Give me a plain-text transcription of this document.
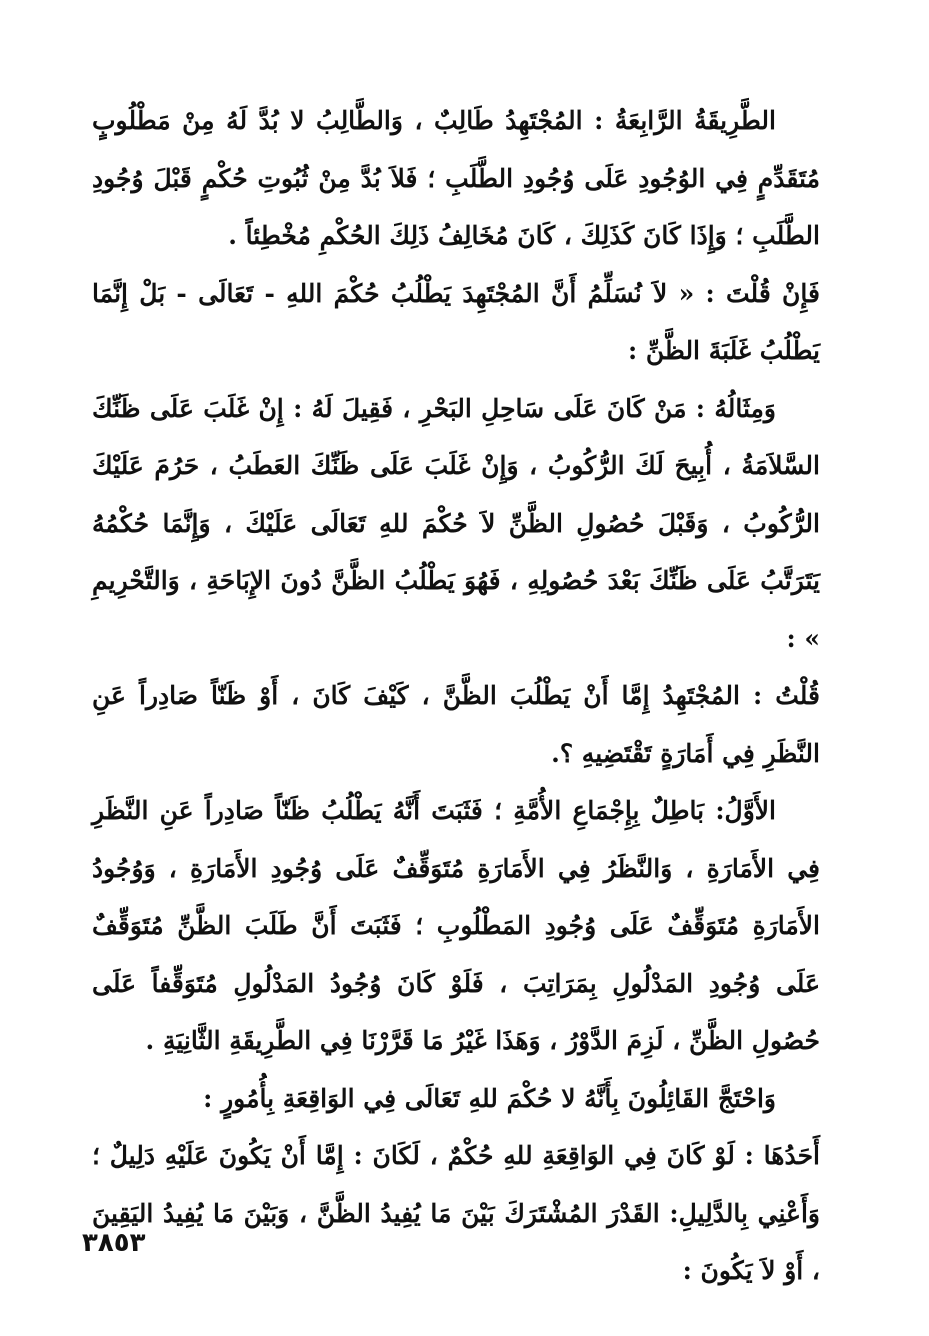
الطَّرِيقَةُ الرَّابِعَةُ : المُجْتَهِدُ طَالِبٌ ، وَالطَّالِبُ لا بُدَّ لَهُ مِنْ مَطْلُوبٍ مُتَقَدِّمٍ فِي الوُجُودِ عَلَى وُجُودِ الطَّلَبِ ؛ فَلاَ بُدَّ مِنْ ثُبُوتِ حُكْمٍ قَبْلَ وُجُودِ الطَّلَبِ ؛ وَإِذَا كَانَ كَذَلِكَ ، كَانَ مُخَالِفُ ذَلِكَ الحُكْمِ مُخْطِئاً .

فَإِنْ قُلْتَ : « لاَ نُسَلِّمُ أَنَّ المُجْتَهِدَ يَطْلُبُ حُكْمَ اللهِ - تَعَالَى - بَلْ إِنَّمَا يَطْلُبُ غَلَبَةَ الظَّنِّ :

وَمِثَالُهُ : مَنْ كَانَ عَلَى سَاحِلِ البَحْرِ ، فَقِيلَ لَهُ : إِنْ غَلَبَ عَلَى ظَنِّكَ السَّلاَمَةُ ، أُبِيحَ لَكَ الرُّكُوبُ ، وَإِنْ غَلَبَ عَلَى ظَنِّكَ العَطَبُ ، حَرُمَ عَلَيْكَ الرُّكُوبُ ، وَقَبْلَ حُصُولِ الظَّنِّ لاَ حُكْمَ للهِ تَعَالَى عَلَيْكَ ، وَإِنَّمَا حُكْمُهُ يَتَرَتَّبُ عَلَى ظَنِّكَ بَعْدَ حُصُولِهِ ، فَهُوَ يَطْلُبُ الظَّنَّ دُونَ الإِبَاحَةِ ، وَالتَّحْرِيمِ » :

قُلْتُ : المُجْتَهِدُ إِمَّا أَنْ يَطْلُبَ الظَّنَّ ، كَيْفَ كَانَ ، أَوْ ظَنّاً صَادِراً عَنِ النَّظَرِ فِي أَمَارَةٍ تَقْتَضِيهِ ؟.

الأَوَّلُ: بَاطِلٌ بِإِجْمَاعِ الأُمَّةِ ؛ فَثَبَتَ أَنَّهُ يَطْلُبُ ظَنّاً صَادِراً عَنِ النَّظَرِ فِي الأَمَارَةِ ، وَالنَّظَرُ فِي الأَمَارَةِ مُتَوَقِّفٌ عَلَى وُجُودِ الأَمَارَةِ ، وَوُجُودُ الأَمَارَةِ مُتَوَقِّفٌ عَلَى وُجُودِ المَطْلُوبِ ؛ فَثَبَتَ أَنَّ طَلَبَ الظَّنِّ مُتَوَقِّفٌ عَلَى وُجُودِ المَدْلُولِ بِمَرَاتِبَ ، فَلَوْ كَانَ وُجُودُ المَدْلُولِ مُتَوَقِّفاً عَلَى حُصُولِ الظَّنِّ ، لَزِمَ الدَّوْرُ ، وَهَذَا غَيْرُ مَا قَرَّرْنَا فِي الطَّرِيقَةِ الثَّانِيَةِ .

وَاحْتَجَّ القَائِلُونَ بِأَنَّهُ لا حُكْمَ للهِ تَعَالَى فِي الوَاقِعَةِ بِأُمُورٍ :

أَحَدُهَا : لَوْ كَانَ فِي الوَاقِعَةِ للهِ حُكْمٌ ، لَكَانَ : إِمَّا أَنْ يَكُونَ عَلَيْهِ دَلِيلٌ ؛ وَأَعْنِي بِالدَّلِيلِ: القَدْرَ المُشْتَرَكَ بَيْنَ مَا يُفِيدُ الظَّنَّ ، وَبَيْنَ مَا يُفِيدُ اليَقِينَ ، أَوْ لاَ يَكُونَ :

٣٨٥٣
